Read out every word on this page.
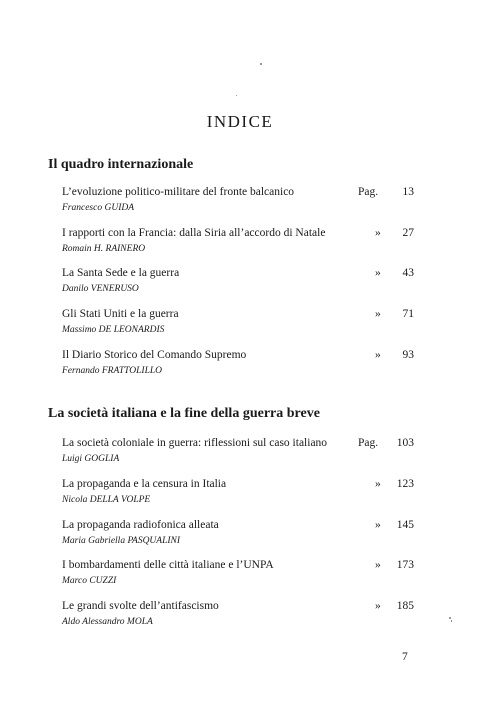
INDICE
Il quadro internazionale
L’evoluzione politico-militare del fronte balcanico
Francesco GUIDA
Pag. 13
I rapporti con la Francia: dalla Siria all’accordo di Natale
Romain H. RAINERO
» 27
La Santa Sede e la guerra
Danilo VENERUSO
» 43
Gli Stati Uniti e la guerra
Massimo DE LEONARDIS
» 71
Il Diario Storico del Comando Supremo
Fernando FRATTOLILLO
» 93
La società italiana e la fine della guerra breve
La società coloniale in guerra: riflessioni sul caso italiano
Luigi GOGLIA
Pag. 103
La propaganda e la censura in Italia
Nicola DELLA VOLPE
» 123
La propaganda radiofonica alleata
Maria Gabriella PASQUALINI
» 145
I bombardamenti delle città italiane e l’UNPA
Marco CUZZI
» 173
Le grandi svolte dell’antifascismo
Aldo Alessandro MOLA
» 185
7
